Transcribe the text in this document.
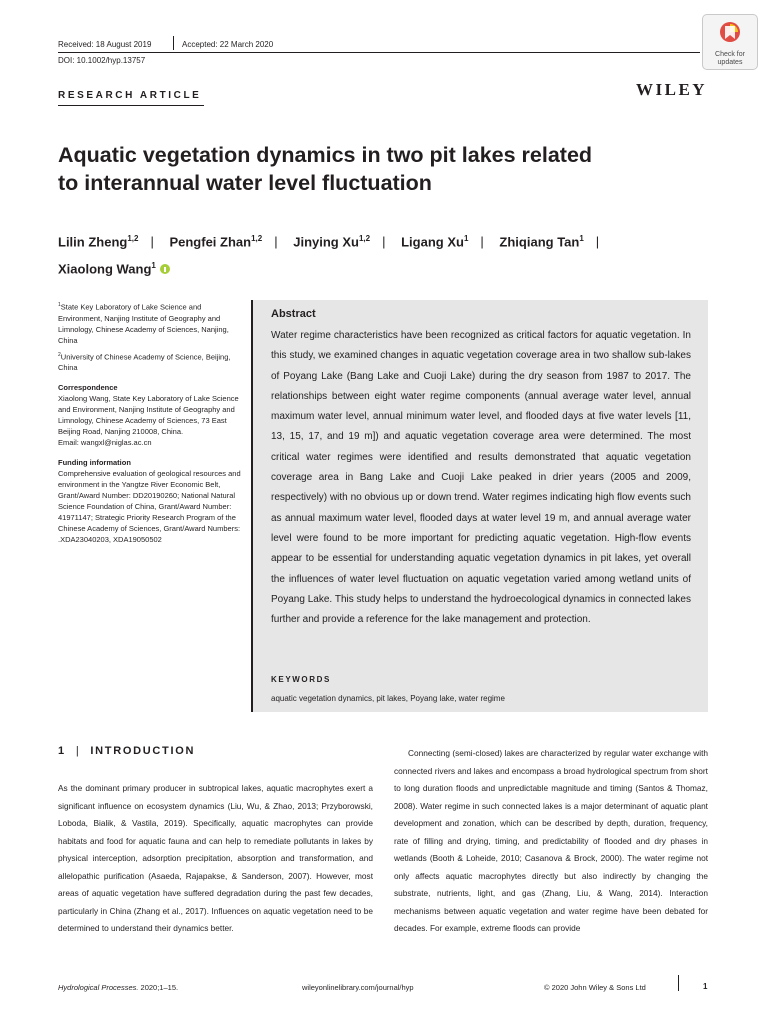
Received: 18 August 2019	Accepted: 22 March 2020
DOI: 10.1002/hyp.13757
Check for
updates
WILEY
RESEARCH ARTICLE
Aquatic vegetation dynamics in two pit lakes related
to interannual water level fluctuation
Lilin Zheng$^{1,2}$ | Pengfei Zhan$^{1,2}$ | Jinying Xu$^{1,2}$ | Ligang Xu$^1$ | Zhiqiang Tan$^1$ |
Xiaolong Wang$^1$

$^1$State Key Laboratory of Lake Science and Environment, Nanjing Institute of Geography and Limnology, Chinese Academy of Sciences, Nanjing, China

$^2$University of Chinese Academy of Science, Beijing, China

Correspondence

Xiaolong Wang, State Key Laboratory of Lake Science and Environment, Nanjing Institute of Geography and Limnology, Chinese Academy of Sciences, 73 East Beijing Road, Nanjing 210008, China.

Email: wangxl@niglas.ac.cn

Funding information

Comprehensive evaluation of geological resources and environment in the Yangtze River Economic Belt, Grant/Award Number: DD20190260; National Natural Science Foundation of China, Grant/Award Number: 41971147; Strategic Priority Research Program of the Chinese Academy of Sciences, Grant/Award Numbers: .XDA23040203, XDA19050502

Abstract
Water regime characteristics have been recognized as critical factors for aquatic vegetation. In this study, we examined changes in aquatic vegetation coverage area in two shallow sub-lakes of Poyang Lake (Bang Lake and Cuoji Lake) during the dry season from 1987 to 2017. The relationships between eight water regime components (annual average water level, annual maximum water level, annual minimum water level, and flooded days at five water levels [11, 13, 15, 17, and 19 m]) and aquatic vegetation coverage area were determined. The most critical water regimes were identified and results demonstrated that aquatic vegetation coverage area in Bang Lake and Cuoji Lake peaked in drier years (2005 and 2009, respectively) with no obvious up or down trend. Water regimes indicating high flow events such as annual maximum water level, flooded days at water level 19 m, and annual average water level were found to be more important for predicting aquatic vegetation. High-flow events appear to be essential for understanding aquatic vegetation dynamics in pit lakes, yet overall the influences of water level fluctuation on aquatic vegetation varied among wetland units of Poyang Lake. This study helps to understand the hydroecological dynamics in connected lakes further and provide a reference for the lake management and protection.
KEYWORDS
aquatic vegetation dynamics, pit lakes, Poyang lake, water regime
1 | INTRODUCTION
As the dominant primary producer in subtropical lakes, aquatic macrophytes exert a significant influence on ecosystem dynamics (Liu, Wu, & Zhao, 2013; Przyborowski, Loboda, Bialik, & Vastila, 2019). Specifically, aquatic macrophytes can provide habitats and food for aquatic fauna and can help to remediate pollutants in lakes by physical interception, adsorption precipitation, absorption and transformation, and allelopathic purification (Asaeda, Rajapakse, & Sanderson, 2007). However, most areas of aquatic vegetation have suffered degradation during the past few decades, particularly in China (Zhang et al., 2017). Influences on aquatic vegetation need to be determined to understand their dynamics better.
Connecting (semi-closed) lakes are characterized by regular water exchange with connected rivers and lakes and encompass a broad hydrological spectrum from short to long duration floods and unpredictable magnitude and timing (Santos & Thomaz, 2008). Water regime in such connected lakes is a major determinant of aquatic plant development and zonation, which can be described by depth, duration, frequency, rate of filling and drying, timing, and predictability of flooded and dry phases in wetlands (Booth & Loheide, 2010; Casanova & Brock, 2000). The water regime not only affects aquatic macrophytes directly but also indirectly by changing the substrate, nutrients, light, and gas (Zhang, Liu, & Wang, 2014). Interaction mechanisms between aquatic vegetation and water regime have been debated for decades. For example, extreme floods can provide
Hydrological Processes. 2020;1–15.	wileyonlinelibrary.com/journal/hyp	© 2020 John Wiley & Sons Ltd	1
